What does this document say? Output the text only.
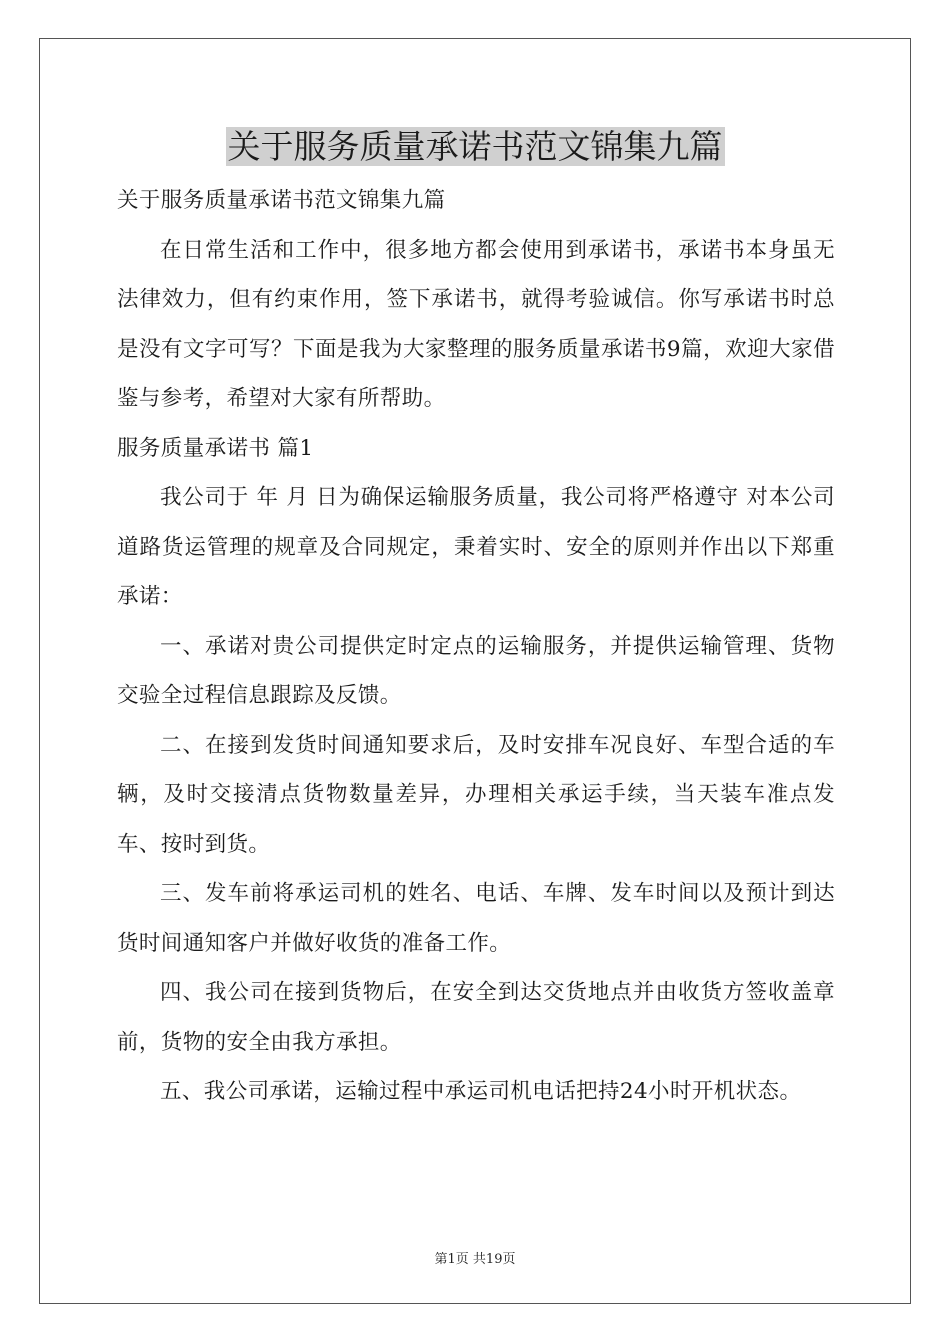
关于服务质量承诺书范文锦集九篇

关于服务质量承诺书范文锦集九篇

在日常生活和工作中，很多地方都会使用到承诺书，承诺书本身虽无法律效力，但有约束作用，签下承诺书，就得考验诚信。你写承诺书时总是没有文字可写？下面是我为大家整理的服务质量承诺书9篇，欢迎大家借鉴与参考，希望对大家有所帮助。

服务质量承诺书 篇1

我公司于 年 月 日为确保运输服务质量，我公司将严格遵守 对本公司道路货运管理的规章及合同规定，秉着实时、安全的原则并作出以下郑重承诺：

一、承诺对贵公司提供定时定点的运输服务，并提供运输管理、货物交验全过程信息跟踪及反馈。

二、在接到发货时间通知要求后，及时安排车况良好、车型合适的车辆，及时交接清点货物数量差异，办理相关承运手续，当天装车准点发车、按时到货。

三、发车前将承运司机的姓名、电话、车牌、发车时间以及预计到达货时间通知客户并做好收货的准备工作。

四、我公司在接到货物后，在安全到达交货地点并由收货方签收盖章前，货物的安全由我方承担。

五、我公司承诺，运输过程中承运司机电话把持24小时开机状态。

第1页 共19页
